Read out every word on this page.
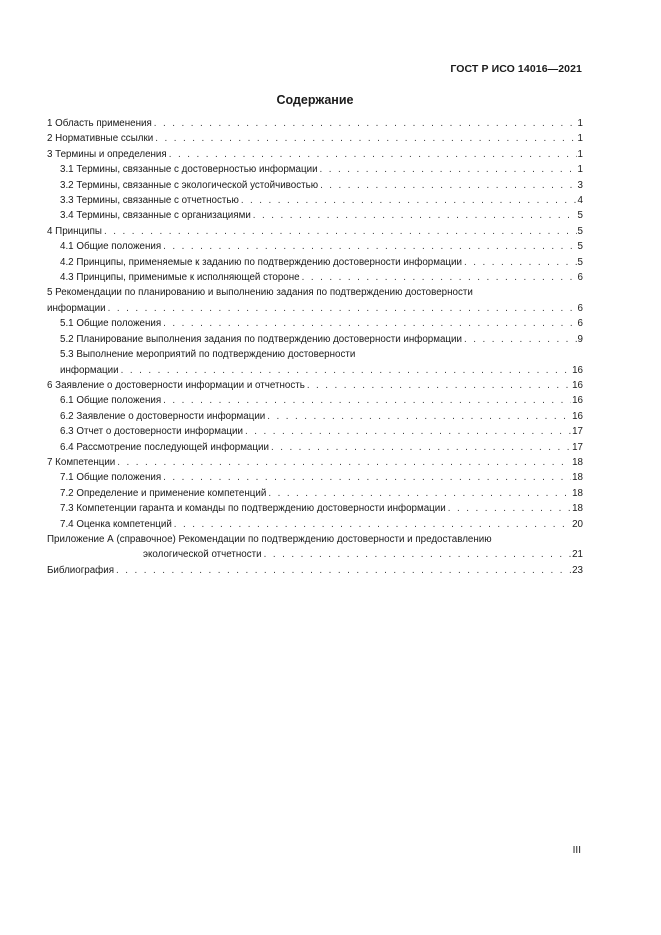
ГОСТ Р ИСО 14016—2021
Содержание
1 Область применения . . .	1
2 Нормативные ссылки . . .	1
3 Термины и определения . . .	1
3.1 Термины, связанные с достоверностью информации . . .	1
3.2 Термины, связанные с экологической устойчивостью . . .	3
3.3 Термины, связанные с отчетностью . . .	4
3.4 Термины, связанные с организациями . . .	5
4 Принципы . . .	5
4.1 Общие положения . . .	5
4.2 Принципы, применяемые к заданию по подтверждению достоверности информации . . .	5
4.3 Принципы, применимые к исполняющей стороне . . .	6
5 Рекомендации по планированию и выполнению задания по подтверждению достоверности
информации . . .	6
5.1 Общие положения . . .	6
5.2 Планирование выполнения задания по подтверждению достоверности информации . . .	9
5.3 Выполнение мероприятий по подтверждению достоверности
информации . . .	16
6 Заявление о достоверности информации и отчетность . . .	16
6.1 Общие положения . . .	16
6.2 Заявление о достоверности информации . . .	16
6.3 Отчет о достоверности информации . . .	17
6.4 Рассмотрение последующей информации . . .	17
7 Компетенции . . .	18
7.1 Общие положения . . .	18
7.2 Определение и применение компетенций . . .	18
7.3 Компетенции гаранта и команды по подтверждению достоверности информации . . .	18
7.4 Оценка компетенций . . .	20
Приложение А (справочное) Рекомендации по подтверждению достоверности и предоставлению
экологической отчетности . . .	21
Библиография . . .	23
III
